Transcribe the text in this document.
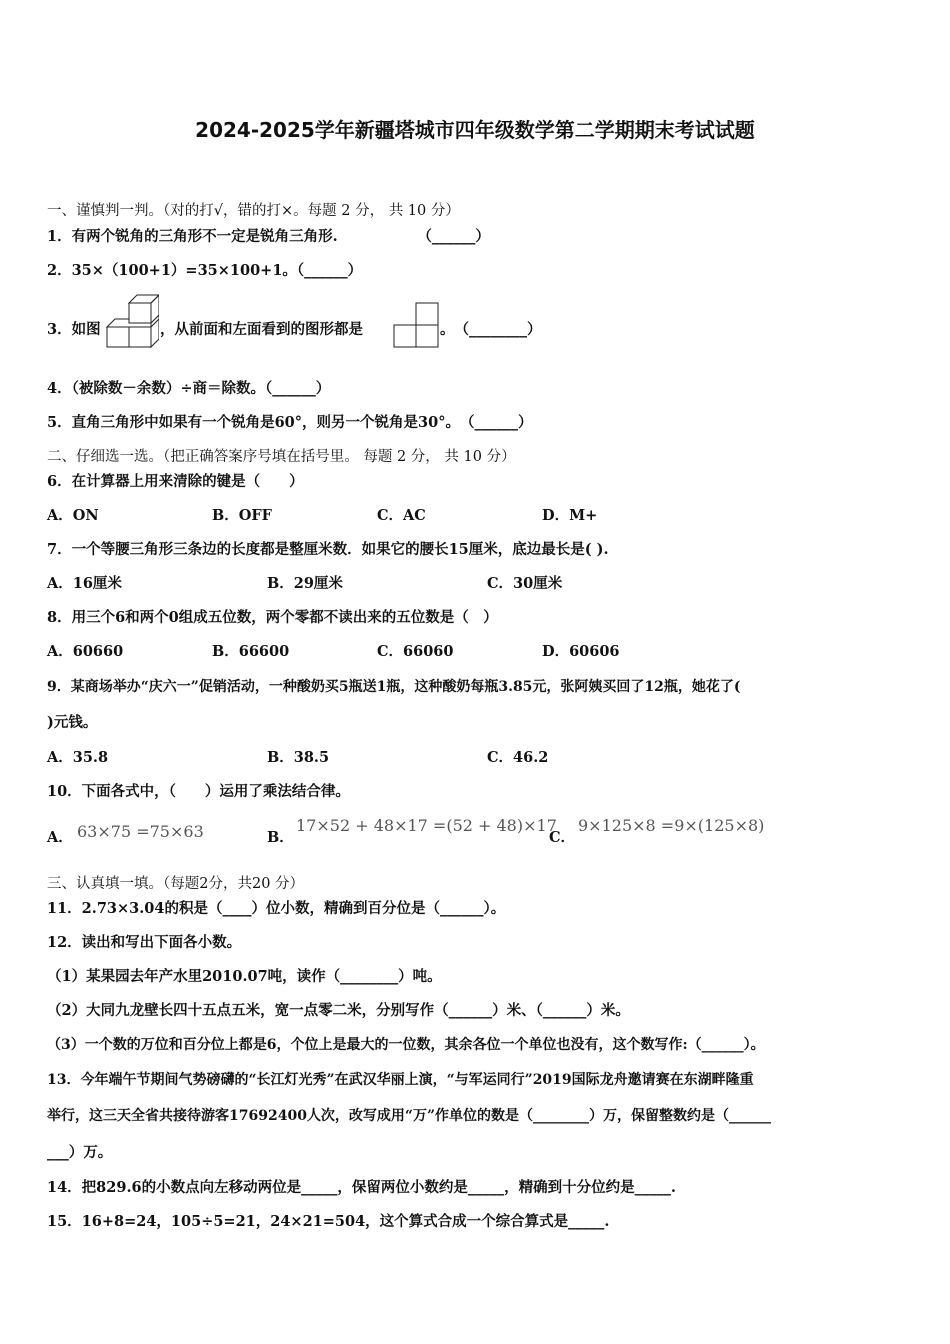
2024-2025学年新疆塔城市四年级数学第二学期期末考试试题
一、谨慎判一判。（对的打√，错的打×。每题 2 分， 共 10 分）
1．有两个锐角的三角形不一定是锐角三角形.　　　　　　（______）
2．35×（100+1）=35×100+1。（______）
3．如图	，从前面和左面看到的图形都是	。　（________）
4．（被除数－余数）÷商＝除数。（______）
5．直角三角形中如果有一个锐角是60°，则另一个锐角是30°。　（______）
二、仔细选一选。（把正确答案序号填在括号里。 每题 2 分， 共 10 分）
6．在计算器上用来清除的键是（　　）
A．ON	B．OFF	C．AC	D．M+
7．一个等腰三角形三条边的长度都是整厘米数．如果它的腰长15厘米，底边最长是( ).
A．16厘米	B．29厘米	C．30厘米
8．用三个6和两个0组成五位数，两个零都不读出来的五位数是（　）
A．60660	B．66600	C．66060	D．60606
9．某商场举办“庆六一”促销活动，一种酸奶买5瓶送1瓶，这种酸奶每瓶3.85元，张阿姨买回了12瓶，她花了(
)元钱。
A．35.8	B．38.5	C．46.2
10．下面各式中，（　　）运用了乘法结合律。
A． 63×75 =75×63	B．
17×52 + 48×17 =(52 + 48)×17
C．
9×125×8 =9×(125×8)
三、认真填一填。（每题2分，共20 分）
11．2.73×3.04的积是（____）位小数，精确到百分位是（______）。
12．读出和写出下面各小数。
（1）某果园去年产水里2010.07吨，读作（________）吨。
（2）大同九龙壁长四十五点五米，宽一点零二米，分别写作（______）米、（______）米。
（3）一个数的万位和百分位上都是6，个位上是最大的一位数，其余各位一个单位也没有，这个数写作:（______）。
13．今年端午节期间气势磅礴的“长江灯光秀”在武汉华丽上演，“与军运同行”2019国际龙舟邀请赛在东湖畔隆重
举行，这三天全省共接待游客17692400人次，改写成用“万”作单位的数是（________）万，保留整数约是（______
___）万。
14．把829.6的小数点向左移动两位是_____，保留两位小数约是_____，精确到十分位约是_____.
15．16+8=24，105÷5=21，24×21=504，这个算式合成一个综合算式是_____.
